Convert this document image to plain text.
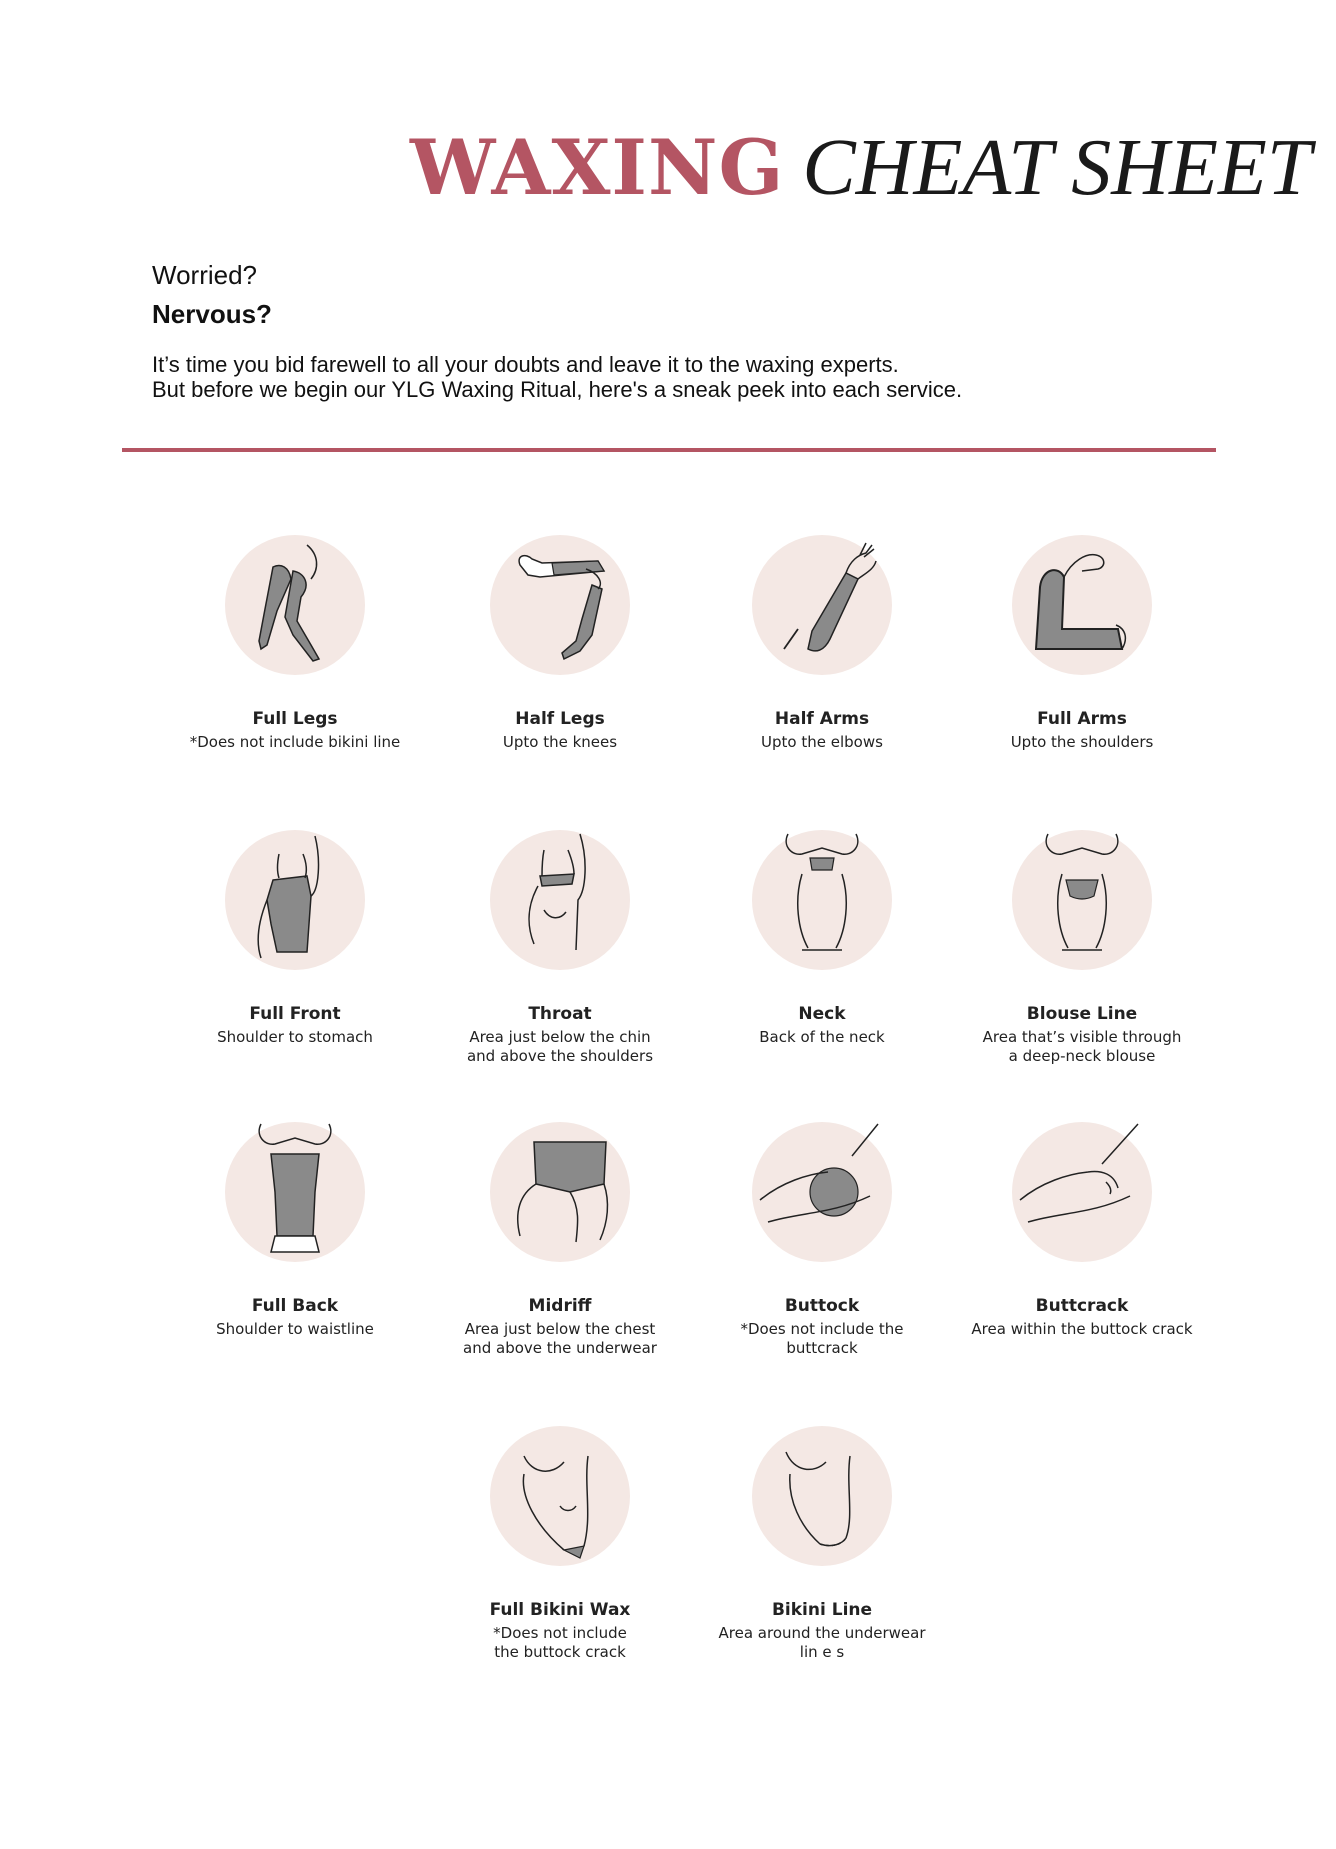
WAXING CHEAT SHEET

Worried?

Nervous?

It’s time you bid farewell to all your doubts and leave it to the waxing experts.

But before we begin our YLG Waxing Ritual, here's a sneak peek into each service.

Full Legs
*Does not include bikini line

Half Legs
Upto the knees

Half Arms
Upto the elbows

Full Arms
Upto the shoulders

Full Front
Shoulder to stomach

Throat
Area just below the chin
and above the shoulders
Neck
Back of the neck

Blouse Line
Area that’s visible through
a deep-neck blouse
Full Back
Shoulder to waistline

Midriff
Area just below the chest
and above the underwear
Buttock
*Does not include the
buttcrack
Buttcrack
Area within the buttock crack

Full Bikini Wax
*Does not include
the buttock crack
Bikini Line
Area around the underwear
lin e s
